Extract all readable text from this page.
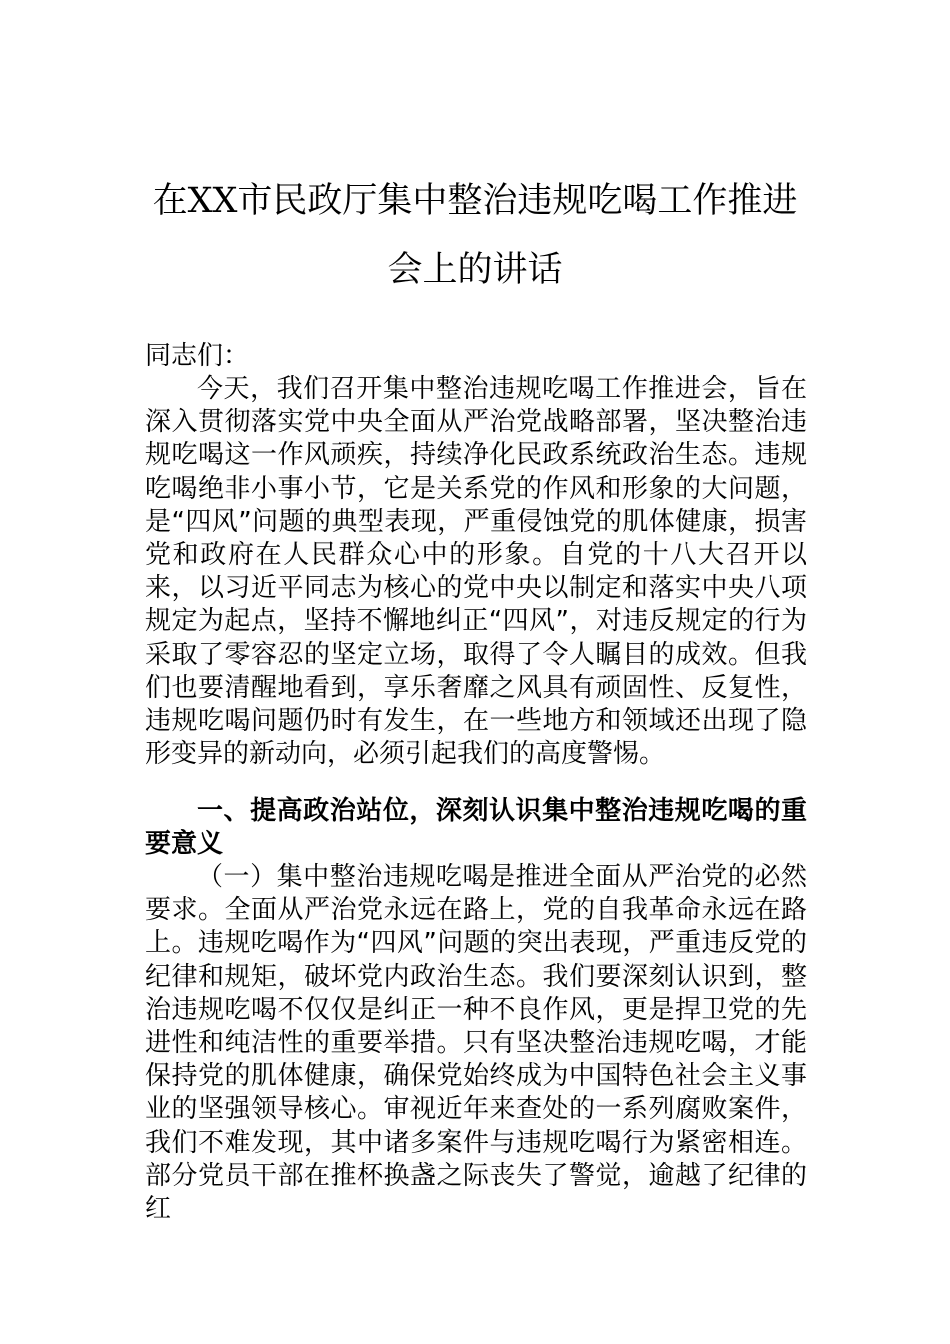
在XX市民政厅集中整治违规吃喝工作推进
会上的讲话

同志们：

今天，我们召开集中整治违规吃喝工作推进会，旨在深入贯彻落实党中央全面从严治党战略部署，坚决整治违规吃喝这一作风顽疾，持续净化民政系统政治生态。违规吃喝绝非小事小节，它是关系党的作风和形象的大问题，是“四风”问题的典型表现，严重侵蚀党的肌体健康，损害党和政府在人民群众心中的形象。自党的十八大召开以来，以习近平同志为核心的党中央以制定和落实中央八项规定为起点，坚持不懈地纠正“四风”，对违反规定的行为采取了零容忍的坚定立场，取得了令人瞩目的成效。但我们也要清醒地看到，享乐奢靡之风具有顽固性、反复性，违规吃喝问题仍时有发生，在一些地方和领域还出现了隐形变异的新动向，必须引起我们的高度警惕。

一、提高政治站位，深刻认识集中整治违规吃喝的重要意义

（一）集中整治违规吃喝是推进全面从严治党的必然要求。全面从严治党永远在路上，党的自我革命永远在路上。违规吃喝作为“四风”问题的突出表现，严重违反党的纪律和规矩，破坏党内政治生态。我们要深刻认识到，整治违规吃喝不仅仅是纠正一种不良作风，更是捍卫党的先进性和纯洁性的重要举措。只有坚决整治违规吃喝，才能保持党的肌体健康，确保党始终成为中国特色社会主义事业的坚强领导核心。审视近年来查处的一系列腐败案件，我们不难发现，其中诸多案件与违规吃喝行为紧密相连。部分党员干部在推杯换盏之际丧失了警觉，逾越了纪律的红
